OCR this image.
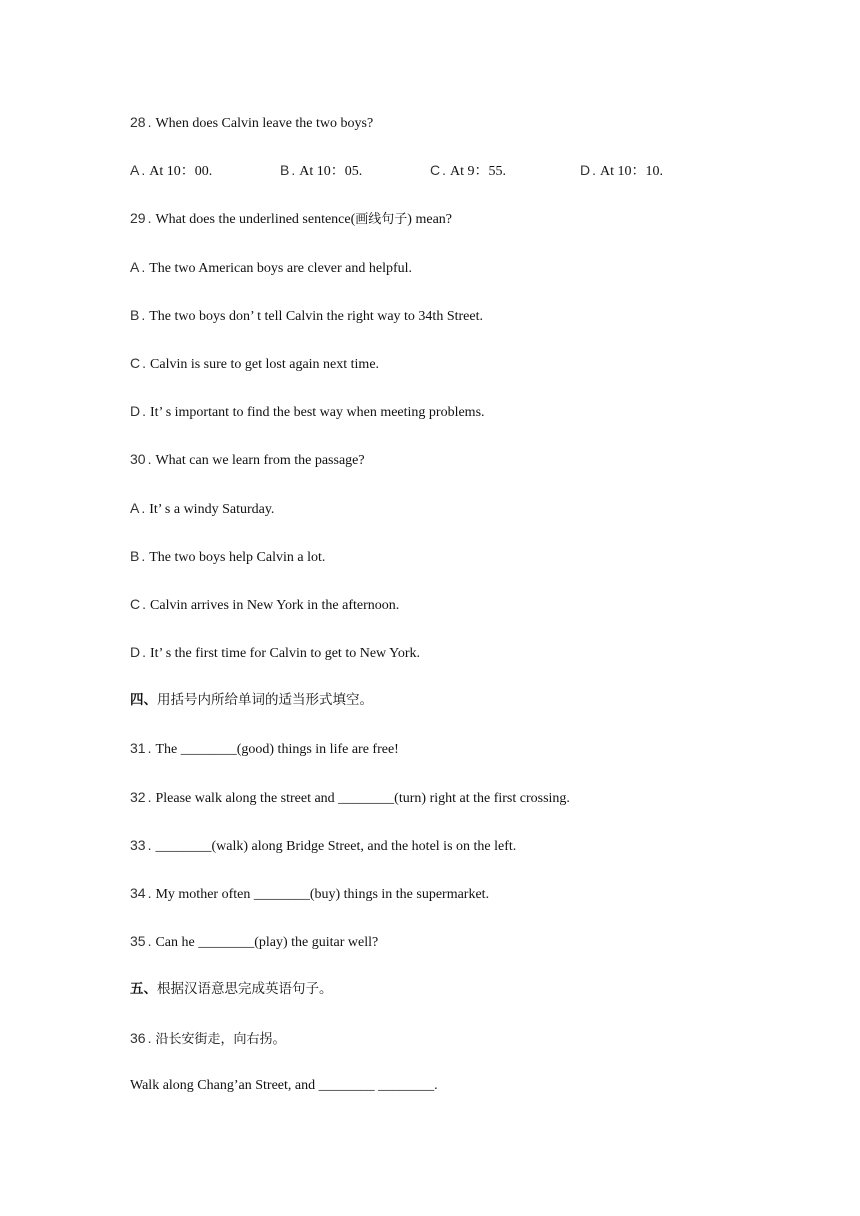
28 . When does Calvin leave the two boys?
A . At 10：00.	B . At 10：05.	C . At 9：55.	D . At 10：10.
29 . What does the underlined sentence(画线句子) mean?
A . The two American boys are clever and helpful.
B . The two boys don’ t tell Calvin the right way to 34th Street.
C . Calvin is sure to get lost again next time.
D . It’ s important to find the best way when meeting problems.
30 . What can we learn from the passage?
A . It’ s a windy Saturday.
B . The two boys help Calvin a lot.
C . Calvin arrives in New York in the afternoon.
D . It’ s the first time for Calvin to get to New York.
四、用括号内所给单词的适当形式填空。
31 . The ________(good) things in life are free!
32 . Please walk along the street and ________(turn) right at the first crossing.
33 . ________(walk) along Bridge Street, and the hotel is on the left.
34 . My mother often ________(buy) things in the supermarket.
35 . Can he ________(play) the guitar well?
五、根据汉语意思完成英语句子。
36 . 沿长安街走，向右拐。
Walk along Chang’an Street, and ________ ________.
